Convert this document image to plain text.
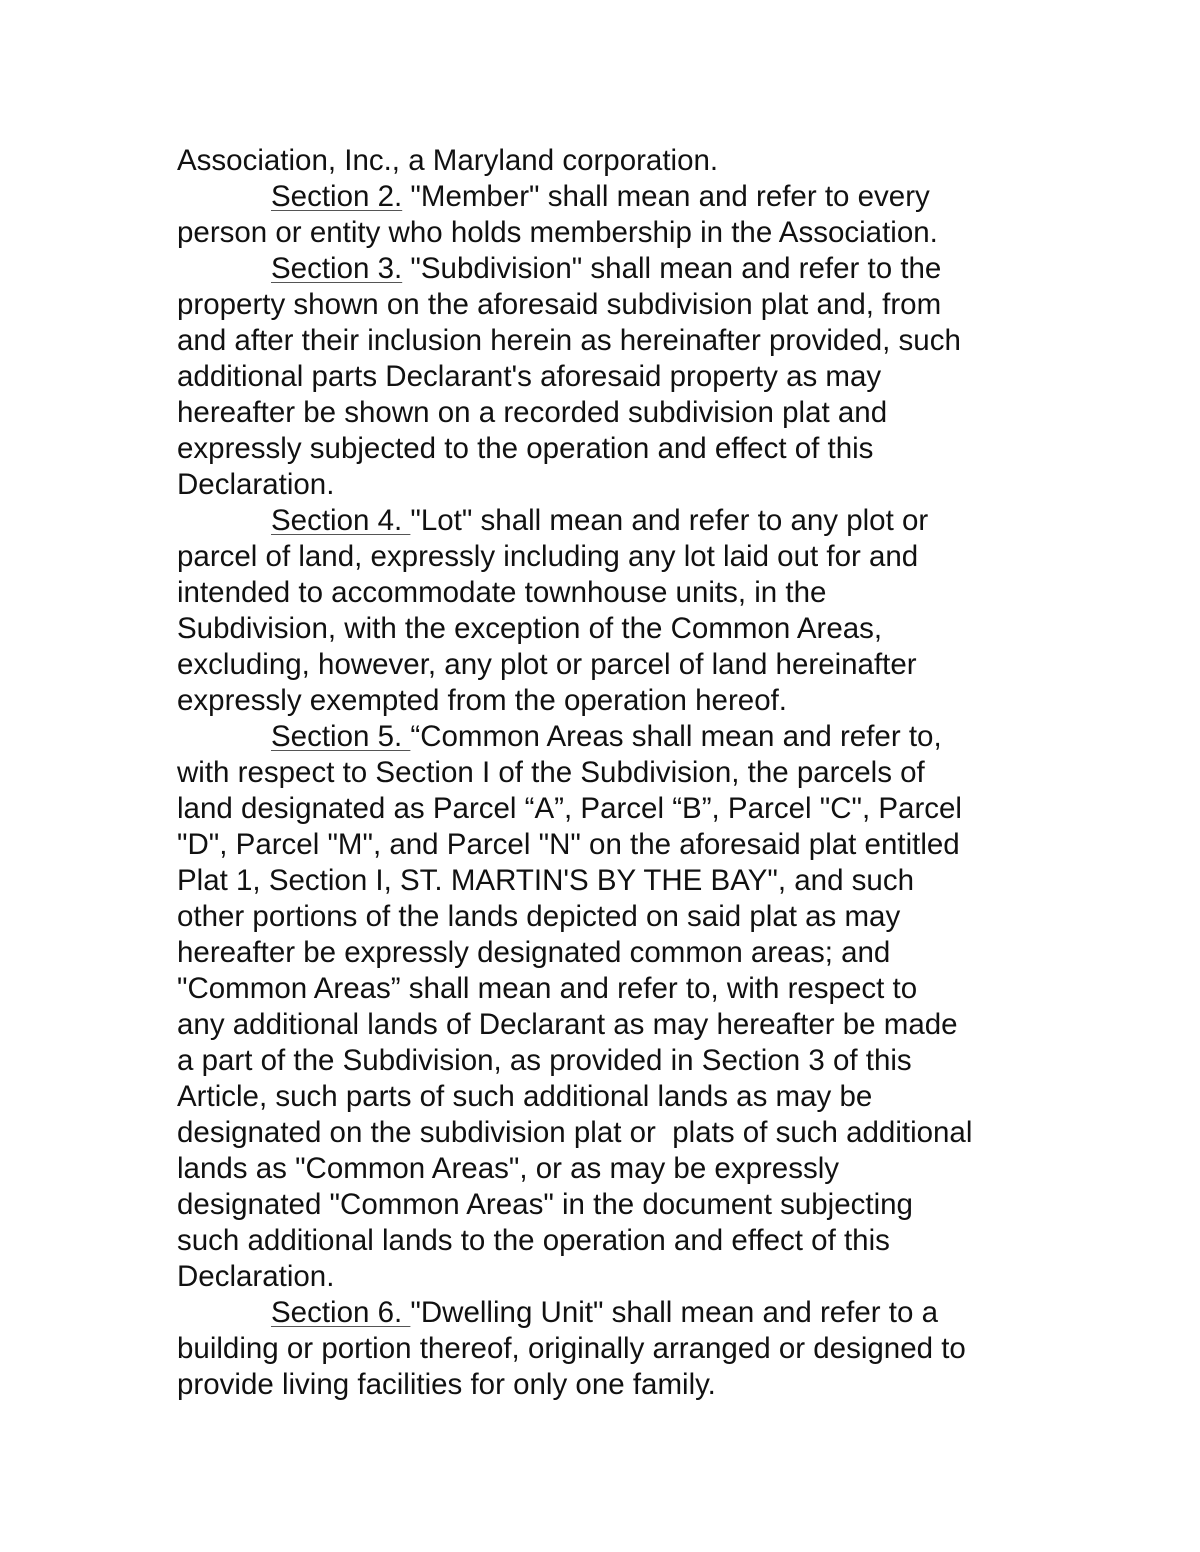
Association, Inc., a Maryland corporation.
Section 2. "Member" shall mean and refer to every
person or entity who holds membership in the Association.
Section 3. "Subdivision" shall mean and refer to the
property shown on the aforesaid subdivision plat and, from
and after their inclusion herein as hereinafter provided, such
additional parts Declarant's aforesaid property as may
hereafter be shown on a recorded subdivision plat and
expressly subjected to the operation and effect of this
Declaration.
Section 4. "Lot" shall mean and refer to any plot or
parcel of land, expressly including any lot laid out for and
intended to accommodate townhouse units, in the
Subdivision, with the exception of the Common Areas,
excluding, however, any plot or parcel of land hereinafter
expressly exempted from the operation hereof.
Section 5. “Common Areas shall mean and refer to,
with respect to Section I of the Subdivision, the parcels of
land designated as Parcel “A”, Parcel “B”, Parcel "C", Parcel
"D", Parcel "M", and Parcel "N" on the aforesaid plat entitled
Plat 1, Section I, ST. MARTIN'S BY THE BAY", and such
other portions of the lands depicted on said plat as may
hereafter be expressly designated common areas; and
"Common Areas” shall mean and refer to, with respect to
any additional lands of Declarant as may hereafter be made
a part of the Subdivision, as provided in Section 3 of this
Article, such parts of such additional lands as may be
designated on the subdivision plat or  plats of such additional
lands as "Common Areas", or as may be expressly
designated "Common Areas" in the document subjecting
such additional lands to the operation and effect of this
Declaration.
Section 6. "Dwelling Unit" shall mean and refer to a
building or portion thereof, originally arranged or designed to
provide living facilities for only one family.
